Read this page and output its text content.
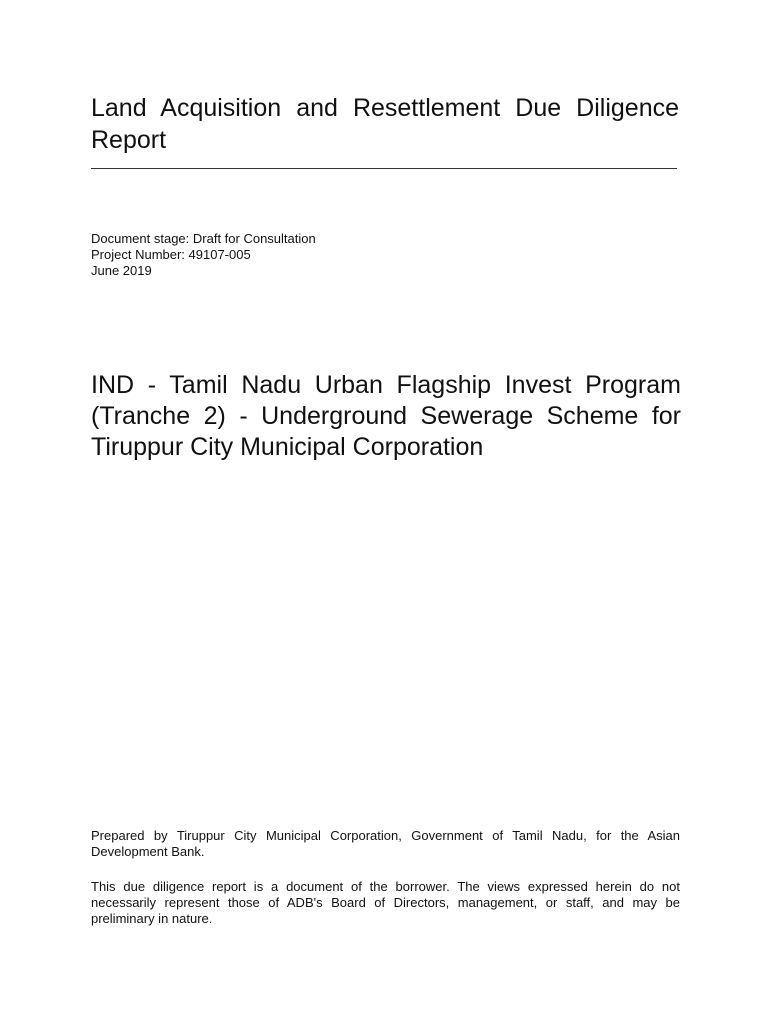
Land Acquisition and Resettlement Due Diligence Report
Document stage: Draft for Consultation
Project Number: 49107-005
June 2019
IND - Tamil Nadu Urban Flagship Invest Program (Tranche 2) - Underground Sewerage Scheme for Tiruppur City Municipal Corporation

Prepared by Tiruppur City Municipal Corporation, Government of Tamil Nadu, for the Asian Development Bank.

This due diligence report is a document of the borrower. The views expressed herein do not necessarily represent those of ADB's Board of Directors, management, or staff, and may be preliminary in nature.
